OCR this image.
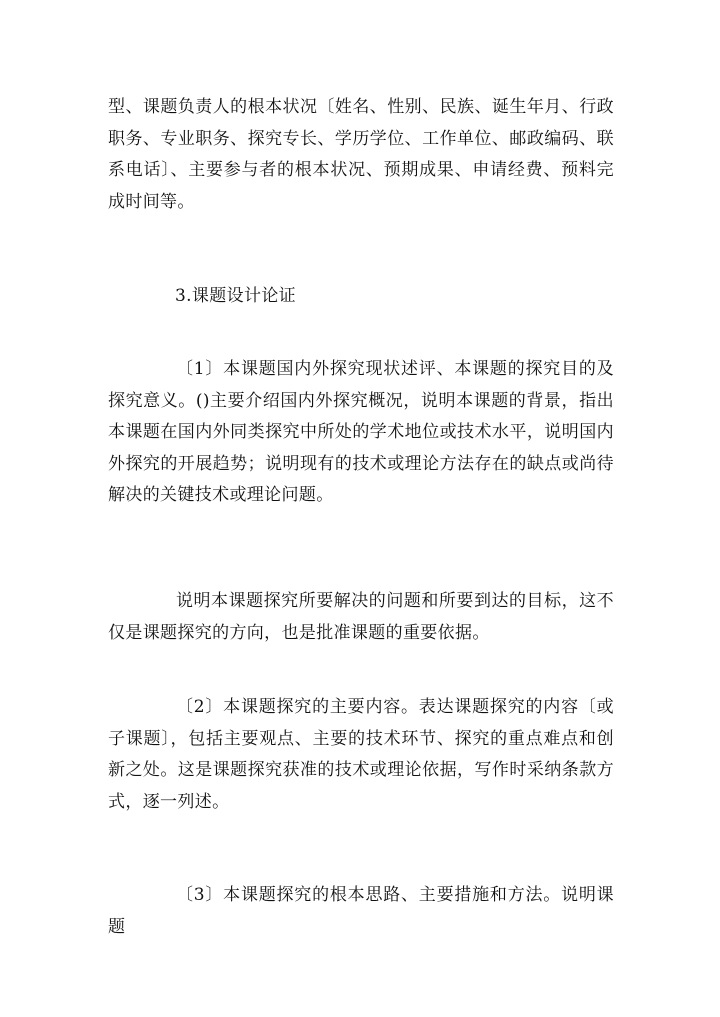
型、课题负责人的根本状况〔姓名、性别、民族、诞生年月、行政职务、专业职务、探究专长、学历学位、工作单位、邮政编码、联系电话〕、主要参与者的根本状况、预期成果、申请经费、预料完成时间等。

3.课题设计论证

〔1〕本课题国内外探究现状述评、本课题的探究目的及探究意义。()主要介绍国内外探究概况，说明本课题的背景，指出本课题在国内外同类探究中所处的学术地位或技术水平，说明国内外探究的开展趋势；说明现有的技术或理论方法存在的缺点或尚待解决的关键技术或理论问题。

说明本课题探究所要解决的问题和所要到达的目标，这不仅是课题探究的方向，也是批准课题的重要依据。

〔2〕本课题探究的主要内容。表达课题探究的内容〔或子课题〕，包括主要观点、主要的技术环节、探究的重点难点和创新之处。这是课题探究获准的技术或理论依据，写作时采纳条款方式，逐一列述。

〔3〕本课题探究的根本思路、主要措施和方法。说明课题
